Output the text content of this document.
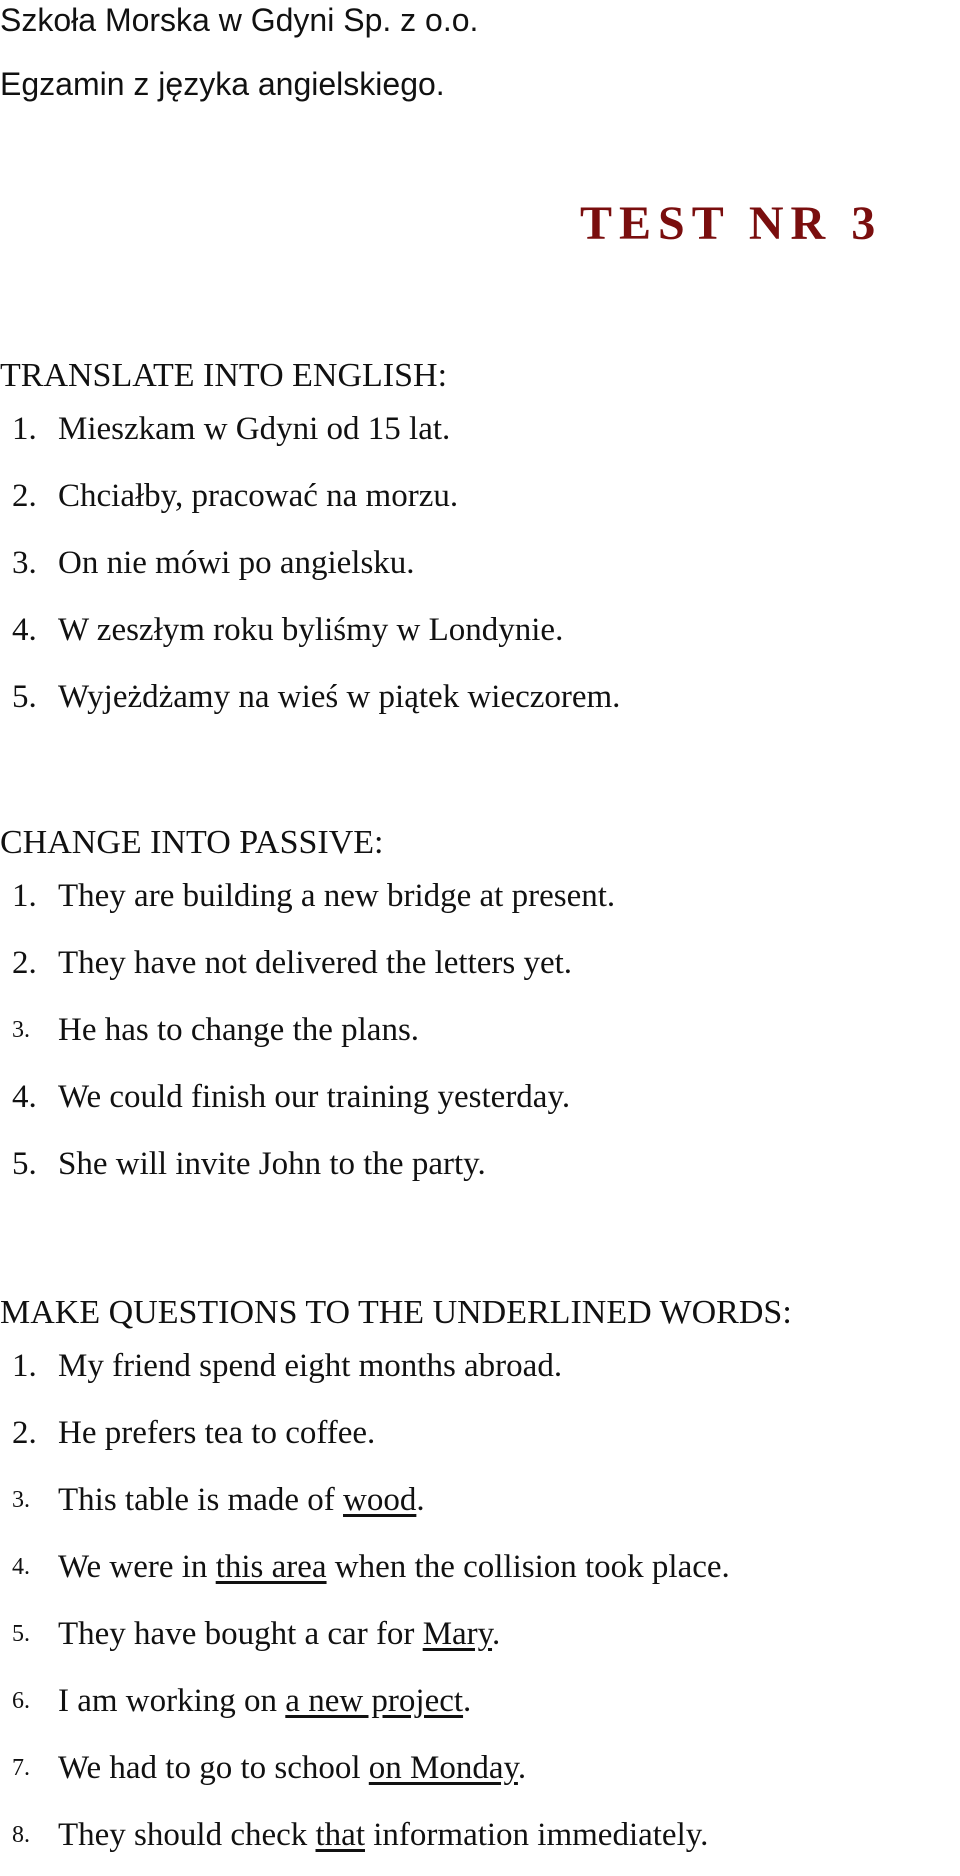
Szkoła Morska w Gdyni Sp. z o.o.
Egzamin z języka angielskiego.
TEST NR 3
TRANSLATE INTO ENGLISH:
1. Mieszkam w Gdyni od 15 lat.
2. Chciałby, pracować na morzu.
3. On nie mówi po angielsku.
4. W zeszłym roku byliśmy w Londynie.
5. Wyjeżdżamy na wieś w piątek wieczorem.
CHANGE INTO PASSIVE:
1. They are building a new bridge at present.
2. They have not delivered the letters yet.
3. He has to change the plans.
4. We could finish our training yesterday.
5. She will invite John to the party.
MAKE QUESTIONS TO THE UNDERLINED WORDS:
1. My friend spend eight months abroad.
2. He prefers tea to coffee.
3. This table is made of wood.
4. We were in this area when the collision took place.
5. They have bought a car for Mary.
6. I am working on a new project.
7. We had to go to school on Monday.
8. They should check that information immediately.
